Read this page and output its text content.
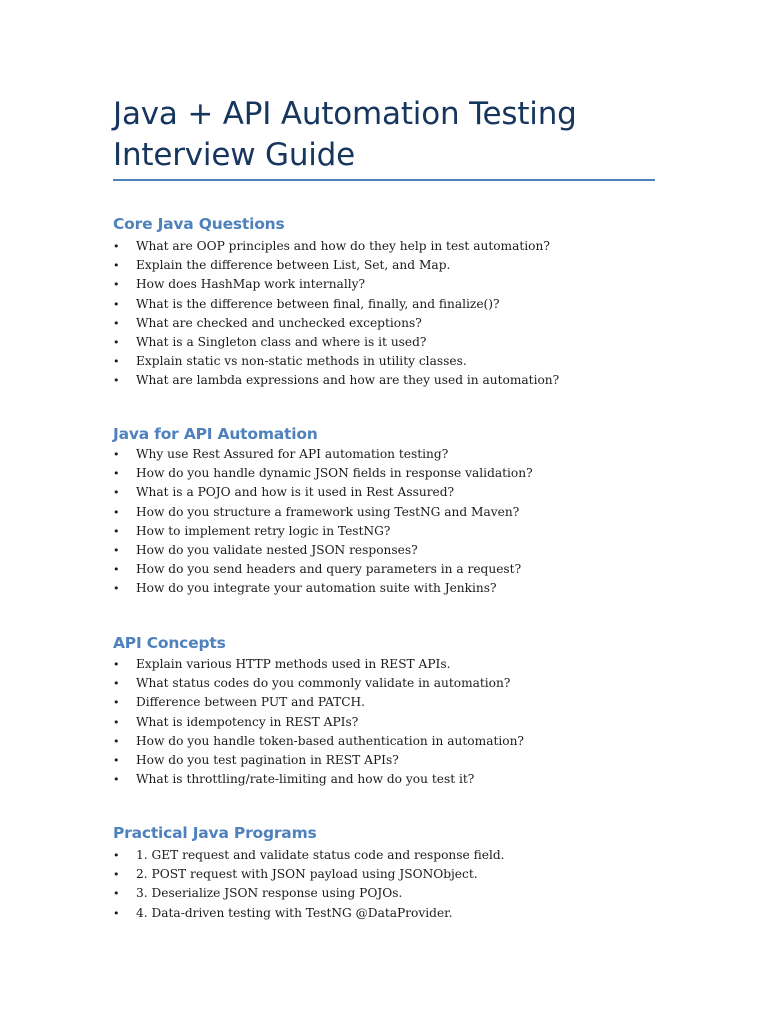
Java + API Automation Testing Interview Guide
Core Java Questions
•	What are OOP principles and how do they help in test automation?
•	Explain the difference between List, Set, and Map.
•	How does HashMap work internally?
•	What is the difference between final, finally, and finalize()?
•	What are checked and unchecked exceptions?
•	What is a Singleton class and where is it used?
•	Explain static vs non-static methods in utility classes.
•	What are lambda expressions and how are they used in automation?
Java for API Automation
•	Why use Rest Assured for API automation testing?
•	How do you handle dynamic JSON fields in response validation?
•	What is a POJO and how is it used in Rest Assured?
•	How do you structure a framework using TestNG and Maven?
•	How to implement retry logic in TestNG?
•	How do you validate nested JSON responses?
•	How do you send headers and query parameters in a request?
•	How do you integrate your automation suite with Jenkins?
API Concepts
•	Explain various HTTP methods used in REST APIs.
•	What status codes do you commonly validate in automation?
•	Difference between PUT and PATCH.
•	What is idempotency in REST APIs?
•	How do you handle token-based authentication in automation?
•	How do you test pagination in REST APIs?
•	What is throttling/rate-limiting and how do you test it?
Practical Java Programs
•	1. GET request and validate status code and response field.
•	2. POST request with JSON payload using JSONObject.
•	3. Deserialize JSON response using POJOs.
•	4. Data-driven testing with TestNG @DataProvider.
